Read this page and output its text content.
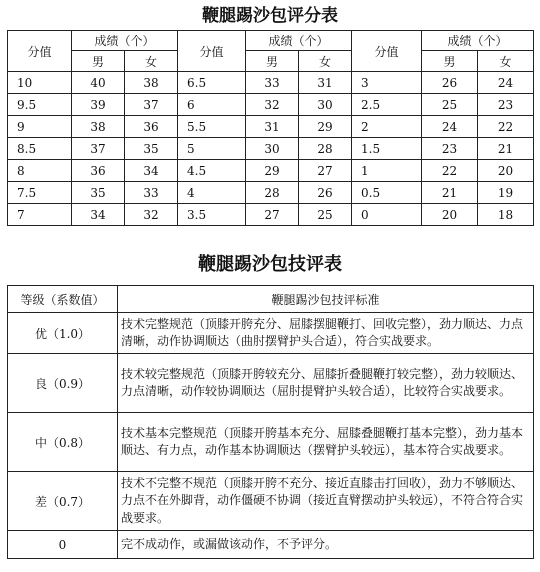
鞭腿踢沙包评分表
分值	成绩（个）		分值	成绩（个）		分值	成绩（个）	
	男	女		男	女		男	女
10	40	38	6.5	33	31	3	26	24
9.5	39	37	6	32	30	2.5	25	23
9	38	36	5.5	31	29	2	24	22
8.5	37	35	5	30	28	1.5	23	21
8	36	34	4.5	29	27	1	22	20
7.5	35	33	4	28	26	0.5	21	19
7	34	32	3.5	27	25	0	20	18
鞭腿踢沙包技评表
等级（系数值）	鞭腿踢沙包技评标准
优（1.0）	技术完整规范（顶膝开胯充分、屈膝摆腿鞭打、回收完整），劲力顺达、力点清晰，动作协调顺达（曲肘摆臂护头合适），符合实战要求。
良（0.9）	技术较完整规范（顶膝开胯较充分、屈膝折叠腿鞭打较完整），劲力较顺达、力点清晰，动作较协调顺达（屈肘提臂护头较合适），比较符合实战要求。
中（0.8）	技术基本完整规范（顶膝开胯基本充分、屈膝叠腿鞭打基本完整），劲力基本顺达、有力点，动作基本协调顺达（摆臂护头较远），基本符合实战要求。
差（0.7）	技术不完整不规范（顶膝开胯不充分、接近直膝击打回收），劲力不够顺达、力点不在外脚背，动作僵硬不协调（接近直臂摆动护头较远），不符合符合实战要求。
0	完不成动作，或漏做该动作，不予评分。
